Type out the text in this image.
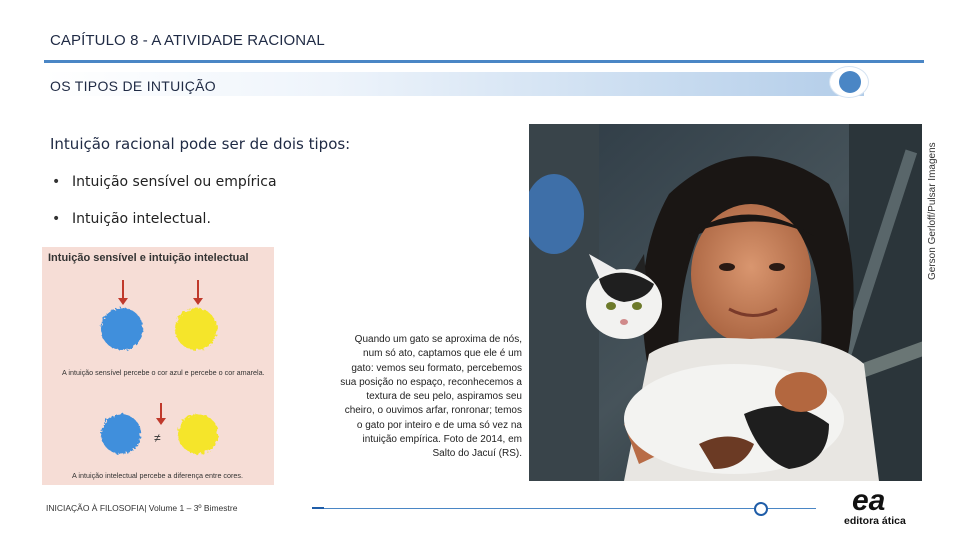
CAPÍTULO 8 - A ATIVIDADE RACIONAL
OS TIPOS DE INTUIÇÃO
Intuição racional pode ser de dois tipos:
• Intuição sensível ou empírica
• Intuição intelectual.
Intuição sensível e intuição intelectual
A intuição sensível percebe o cor azul e percebe o cor amarela.
≠
A intuição intelectual percebe a diferença entre cores.
Gerson Gerloff/Pulsar Imagens
Quando um gato se aproxima de nós, num só ato, captamos que ele é um gato: vemos seu formato, percebemos sua posição no espaço, reconhecemos a textura de seu pelo, aspiramos seu cheiro, o ouvimos arfar, ronronar; temos o gato por inteiro e de uma só vez na intuição empírica. Foto de 2014, em Salto do Jacuí (RS).
INICIAÇÃO À FILOSOFIA| Volume 1 – 3º Bimestre	ea
editora ática
